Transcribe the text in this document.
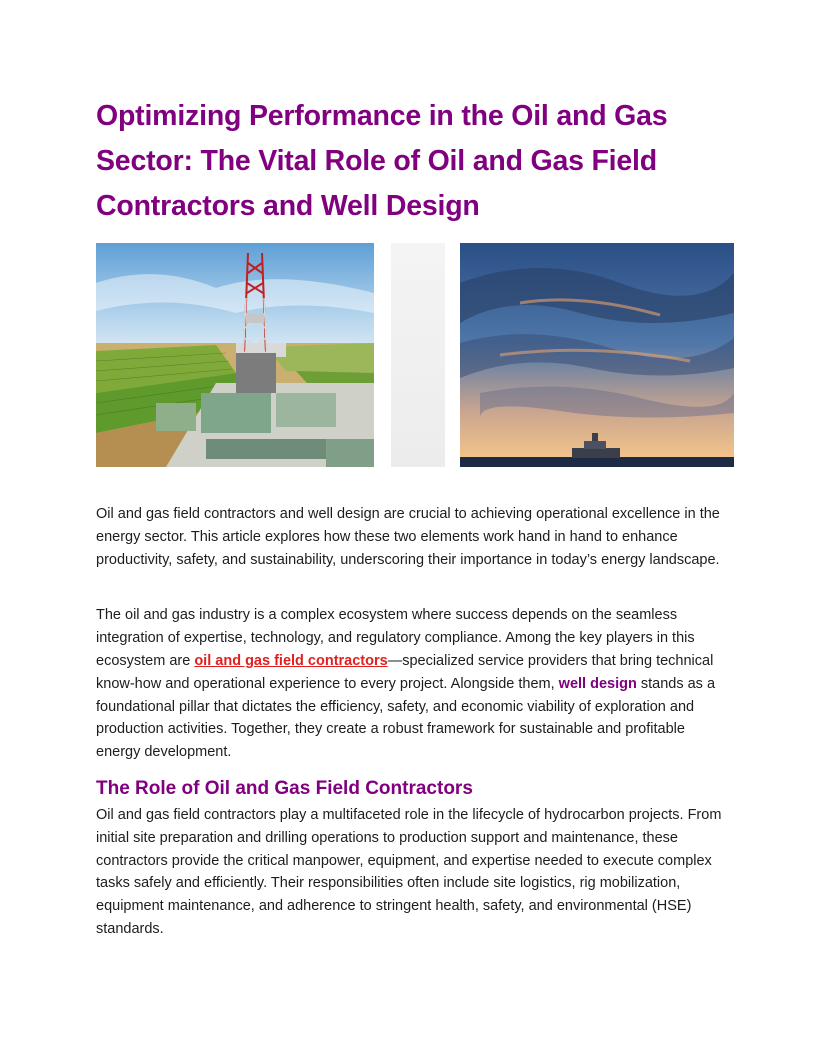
Optimizing Performance in the Oil and Gas Sector: The Vital Role of Oil and Gas Field Contractors and Well Design

Oil and gas field contractors and well design are crucial to achieving operational excellence in the energy sector. This article explores how these two elements work hand in hand to enhance productivity, safety, and sustainability, underscoring their importance in today’s energy landscape.

The oil and gas industry is a complex ecosystem where success depends on the seamless integration of expertise, technology, and regulatory compliance. Among the key players in this ecosystem are oil and gas field contractors—specialized service providers that bring technical know-how and operational experience to every project. Alongside them, well design stands as a foundational pillar that dictates the efficiency, safety, and economic viability of exploration and production activities. Together, they create a robust framework for sustainable and profitable energy development.

The Role of Oil and Gas Field Contractors

Oil and gas field contractors play a multifaceted role in the lifecycle of hydrocarbon projects. From initial site preparation and drilling operations to production support and maintenance, these contractors provide the critical manpower, equipment, and expertise needed to execute complex tasks safely and efficiently. Their responsibilities often include site logistics, rig mobilization, equipment maintenance, and adherence to stringent health, safety, and environmental (HSE) standards.
